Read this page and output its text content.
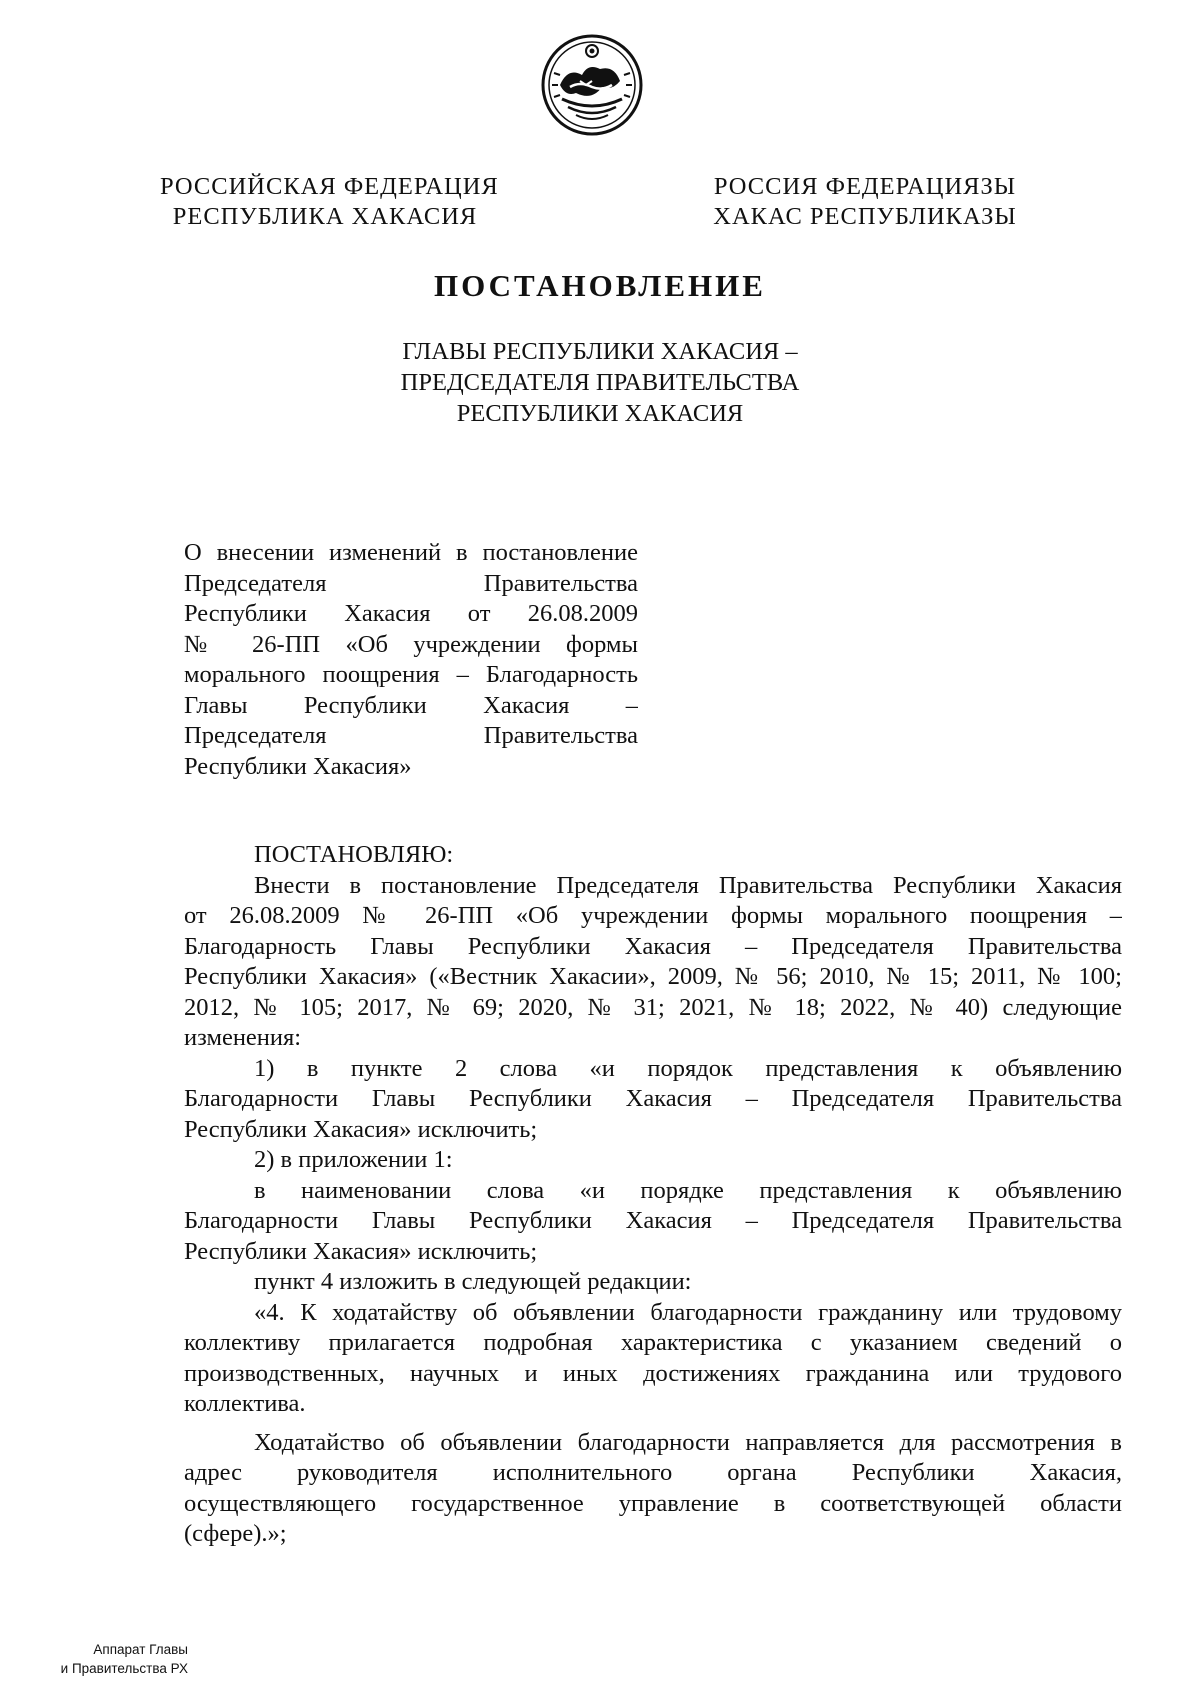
РОССИЙСКАЯ ФЕДЕРАЦИЯ
РЕСПУБЛИКА ХАКАСИЯ
РОССИЯ ФЕДЕРАЦИЯЗЫ
ХАКАС РЕСПУБЛИКАЗЫ
ПОСТАНОВЛЕНИЕ
ГЛАВЫ РЕСПУБЛИКИ ХАКАСИЯ –
ПРЕДСЕДАТЕЛЯ ПРАВИТЕЛЬСТВА
РЕСПУБЛИКИ ХАКАСИЯ
О внесении изменений в постановление
Председателя Правительства
Республики Хакасия от 26.08.2009
№ 26-ПП «Об учреждении формы
морального поощрения – Благодарность
Главы Республики Хакасия –
Председателя Правительства
Республики Хакасия»
ПОСТАНОВЛЯЮ:
Внести в постановление Председателя Правительства Республики Хакасия
от 26.08.2009 № 26-ПП «Об учреждении формы морального поощрения –
Благодарность Главы Республики Хакасия – Председателя Правительства
Республики Хакасия» («Вестник Хакасии», 2009, № 56; 2010, № 15; 2011, № 100;
2012, № 105; 2017, № 69; 2020, № 31; 2021, № 18; 2022, № 40) следующие
изменения:
1) в пункте 2 слова «и порядок представления к объявлению
Благодарности Главы Республики Хакасия – Председателя Правительства
Республики Хакасия» исключить;
2) в приложении 1:
в наименовании слова «и порядке представления к объявлению
Благодарности Главы Республики Хакасия – Председателя Правительства
Республики Хакасия» исключить;
пункт 4 изложить в следующей редакции:
«4. К ходатайству об объявлении благодарности гражданину или трудовому
коллективу прилагается подробная характеристика с указанием сведений о
производственных, научных и иных достижениях гражданина или трудового
коллектива.
Ходатайство об объявлении благодарности направляется для рассмотрения в
адрес руководителя исполнительного органа Республики Хакасия,
осуществляющего государственное управление в соответствующей области
(сфере).»;
Аппарат Главы
и Правительства РХ
